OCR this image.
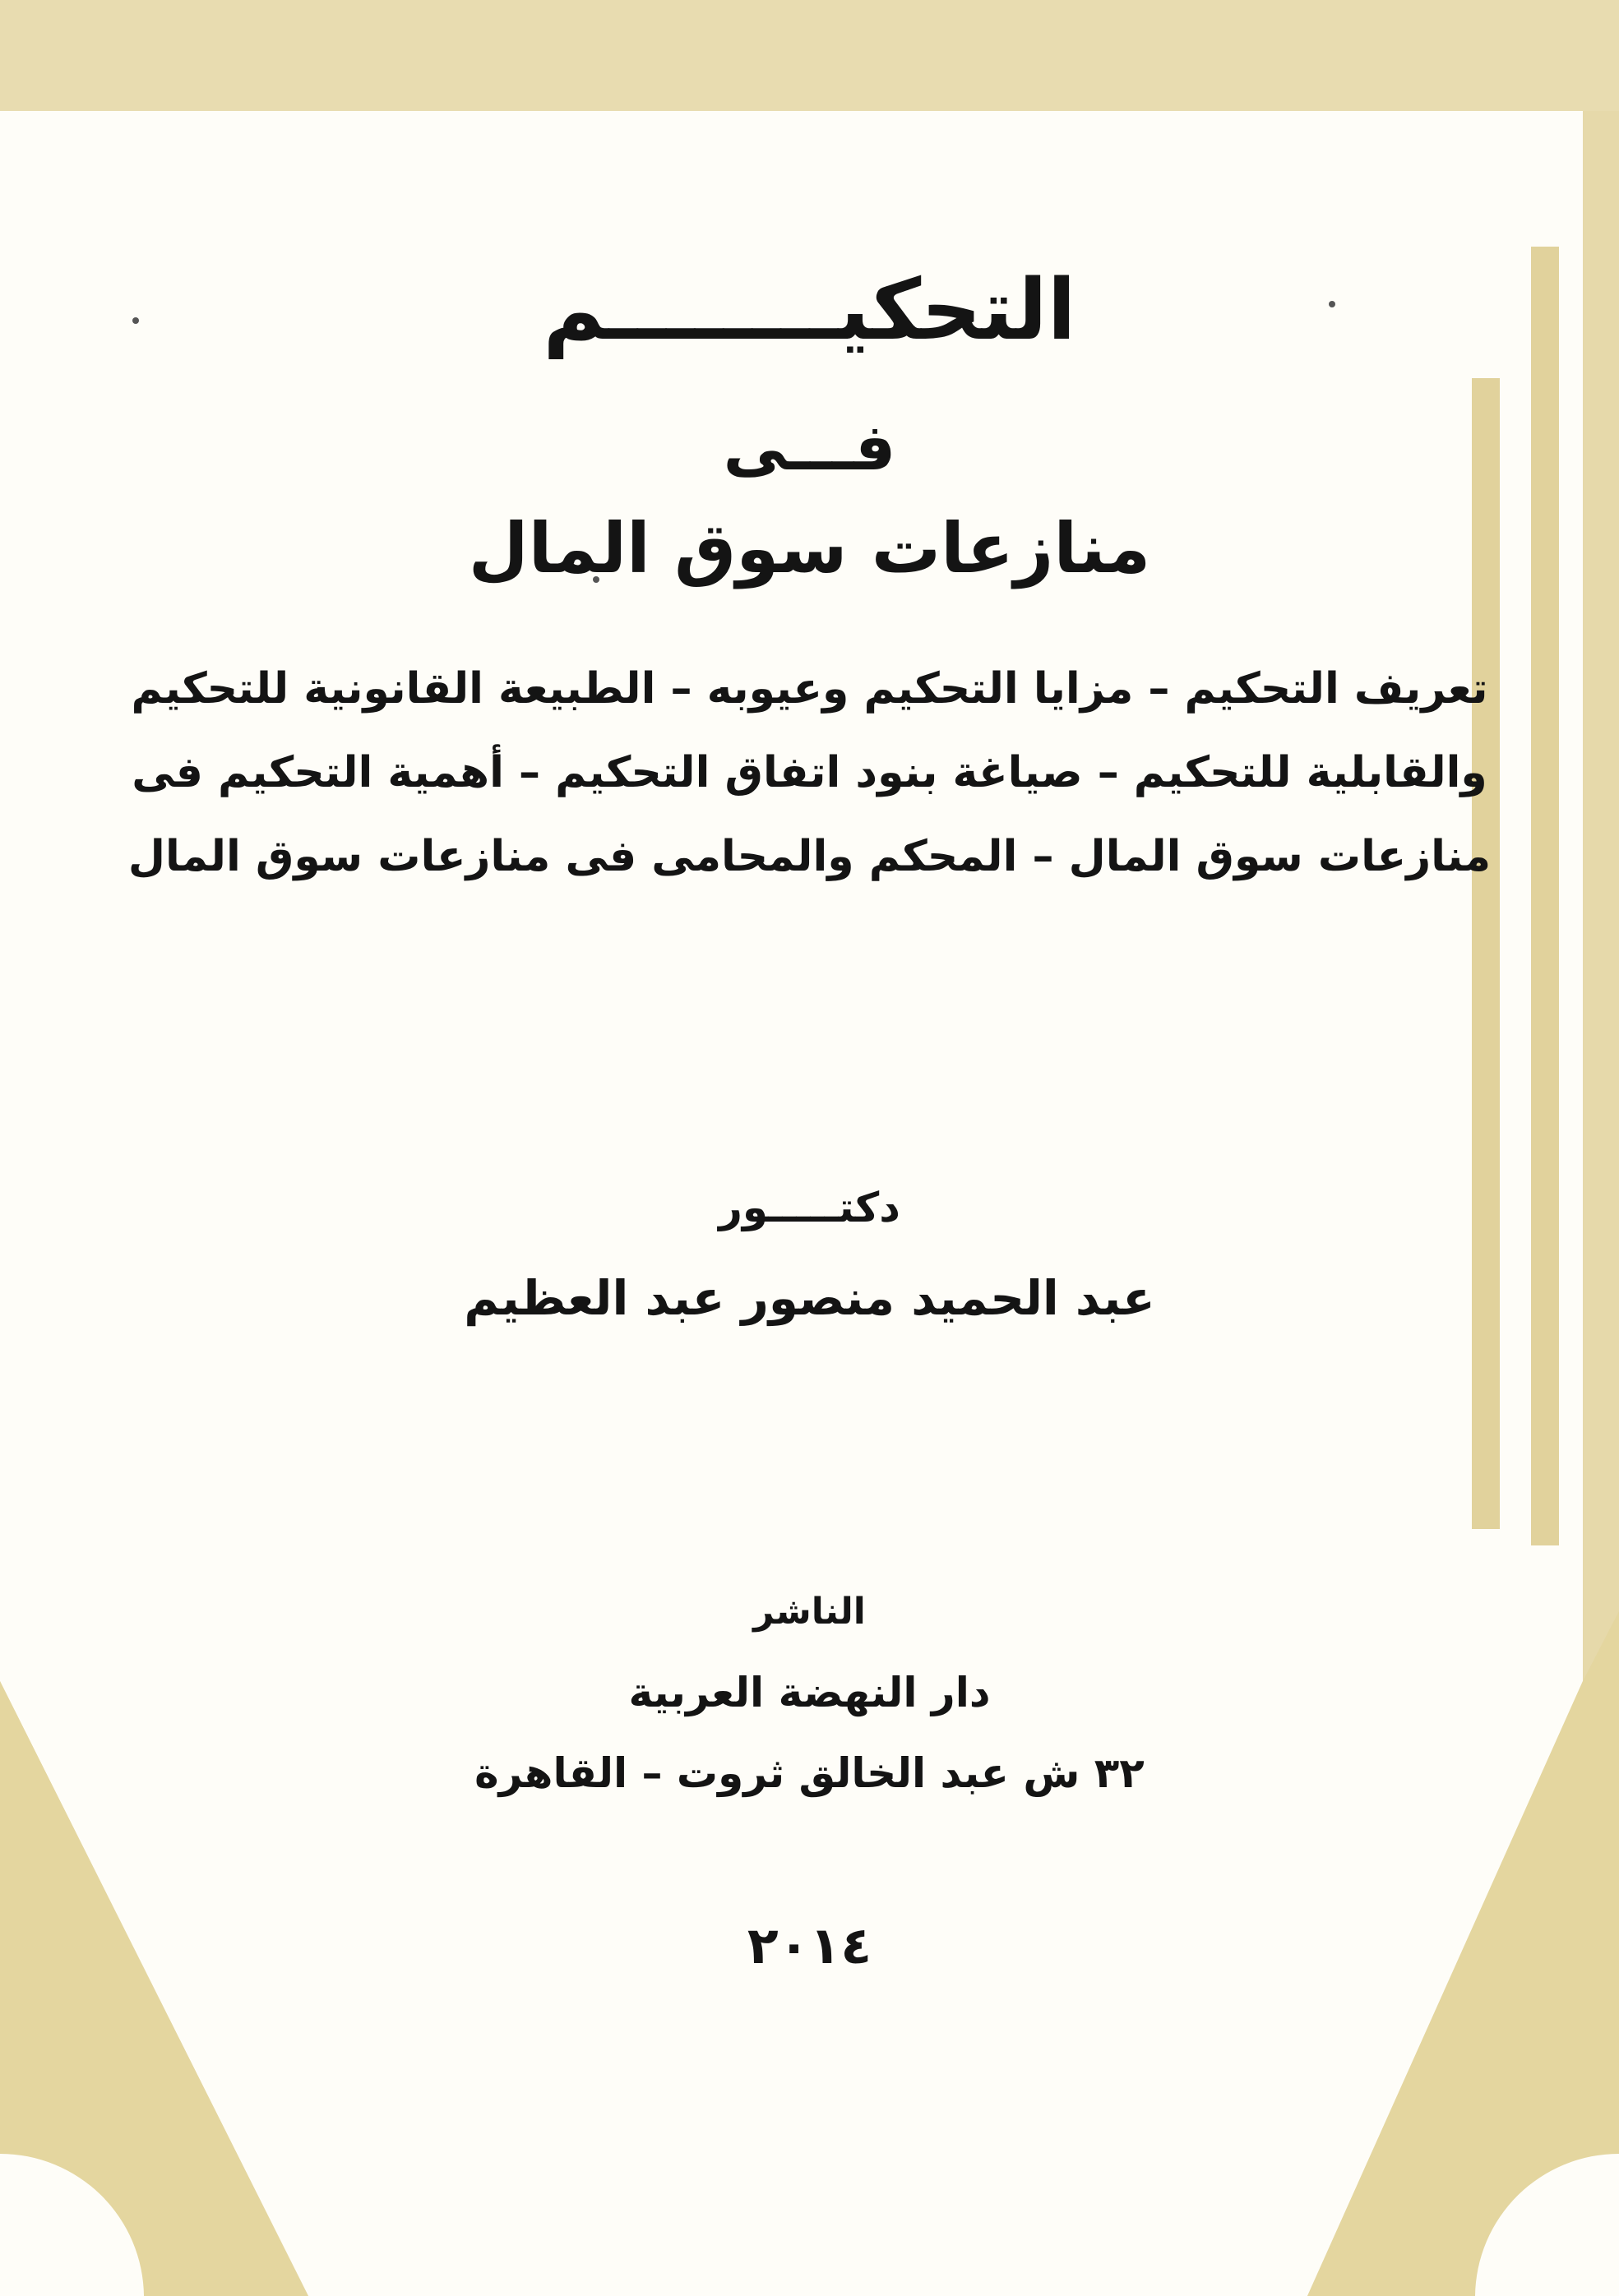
التحكيــــــــم
فـــى
منازعات سوق المال
تعريف التحكيم – مزايا التحكيم وعيوبه – الطبيعة القانونية للتحكيم
والقابلية للتحكيم – صياغة بنود اتفاق التحكيم – أهمية التحكيم فى
منازعات سوق المال – المحكم والمحامى فى منازعات سوق المال
دكتـــــور
عبد الحميد منصور عبد العظيم
الناشر
دار النهضة العربية
٣٢ ش عبد الخالق ثروت – القاهرة
٢٠١٤
